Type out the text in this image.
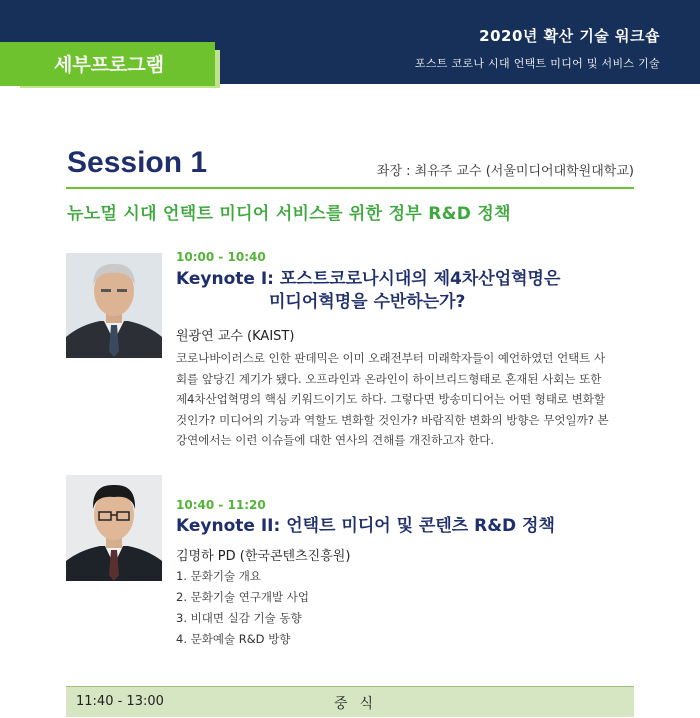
2020년 확산 기술 워크숍
포스트 코로나 시대 언택트 미디어 및 서비스 기술
세부프로그램
Session 1	좌장 : 최유주 교수 (서울미디어대학원대학교)
뉴노멀 시대 언택트 미디어 서비스를 위한 정부 R&D 정책
10:00 - 10:40
Keynote I: 포스트코로나시대의 제4차산업혁명은
미디어혁명을 수반하는가?
원광연 교수 (KAIST)
코로나바이러스로 인한 판데믹은 이미 오래전부터 미래학자들이 예언하였던 언택트 사
회를 앞당긴 계기가 됐다. 오프라인과 온라인이 하이브리드형태로 혼재된 사회는 또한
제4차산업혁명의 핵심 키워드이기도 하다. 그렇다면 방송미디어는 어떤 형태로 변화할
것인가? 미디어의 기능과 역할도 변화할 것인가? 바람직한 변화의 방향은 무엇일까? 본
강연에서는 이런 이슈들에 대한 연사의 견해를 개진하고자 한다.
10:40 - 11:20
Keynote II: 언택트 미디어 및 콘텐츠 R&D 정책
김명하 PD (한국콘텐츠진흥원)
1. 문화기술 개요
2. 문화기술 연구개발 사업
3. 비대면 실감 기술 동향
4. 문화예술 R&D 방향
11:40 - 13:00	중식
